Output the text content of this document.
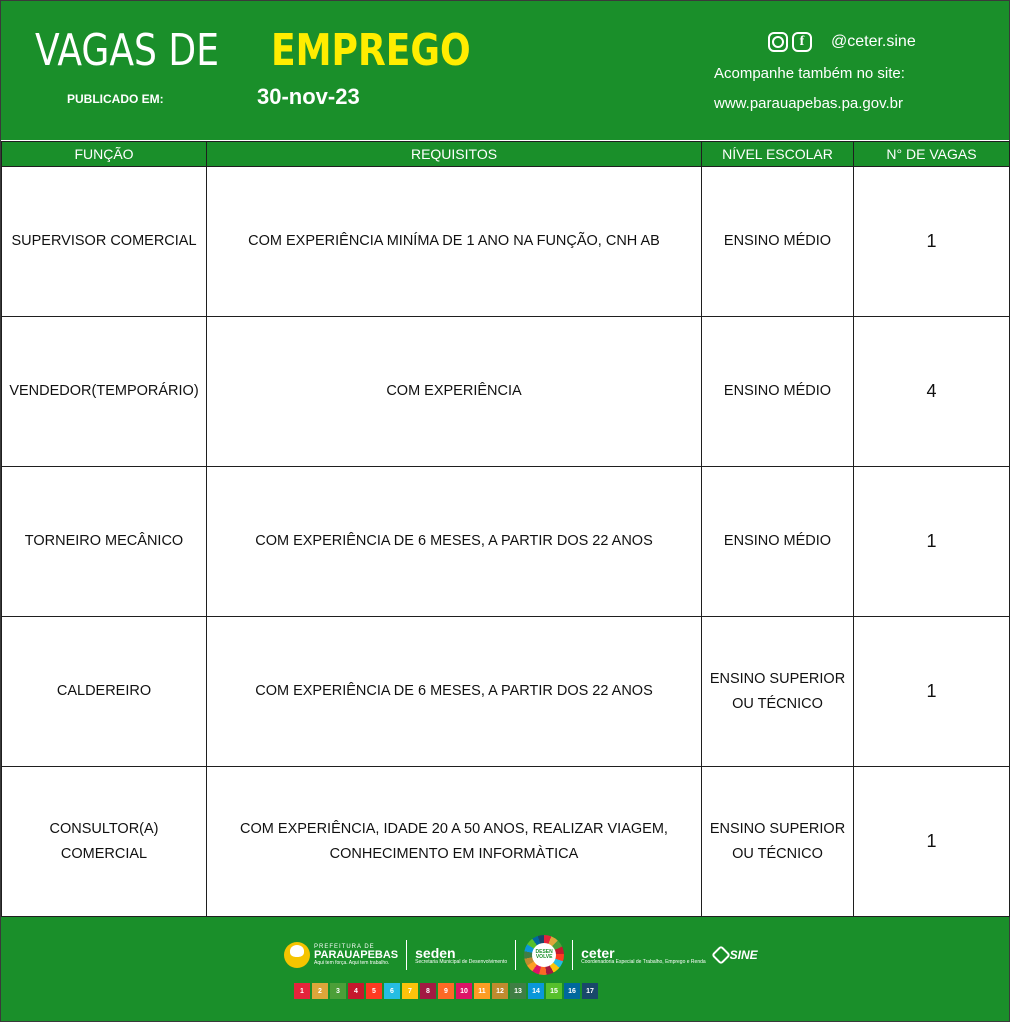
VAGAS DE EMPREGO
PUBLICADO EM:	30-nov-23
f @ceter.sine
Acompanhe também no site:
www.parauapebas.pa.gov.br
FUNÇÃO	REQUISITOS	NÍVEL ESCOLAR	N° DE VAGAS
SUPERVISOR COMERCIAL	COM EXPERIÊNCIA MINÍMA DE 1 ANO NA FUNÇÃO, CNH AB	ENSINO MÉDIO	1
VENDEDOR(TEMPORÁRIO)	COM EXPERIÊNCIA	ENSINO MÉDIO	4
TORNEIRO MECÂNICO	COM EXPERIÊNCIA DE 6 MESES, A PARTIR DOS 22 ANOS	ENSINO MÉDIO	1
CALDEREIRO	COM EXPERIÊNCIA DE 6 MESES, A PARTIR DOS 22 ANOS	ENSINO SUPERIOR OU TÉCNICO	1
CONSULTOR(A) COMERCIAL	COM EXPERIÊNCIA, IDADE 20 A 50 ANOS, REALIZAR VIAGEM, CONHECIMENTO EM INFORMÀTICA	ENSINO SUPERIOR OU TÉCNICO	1
PREFEITURA DE
PARAUAPEBAS
Aqui tem força. Aqui tem trabalho.
seden
Secretaria Municipal de Desenvolvimento
DESEN VOLVE ceter
Coordenadoria Especial de Trabalho, Emprego e Renda SINE
1	2	3	4	5	6	7	8	9	10	11	12	13	14	15	16	17
